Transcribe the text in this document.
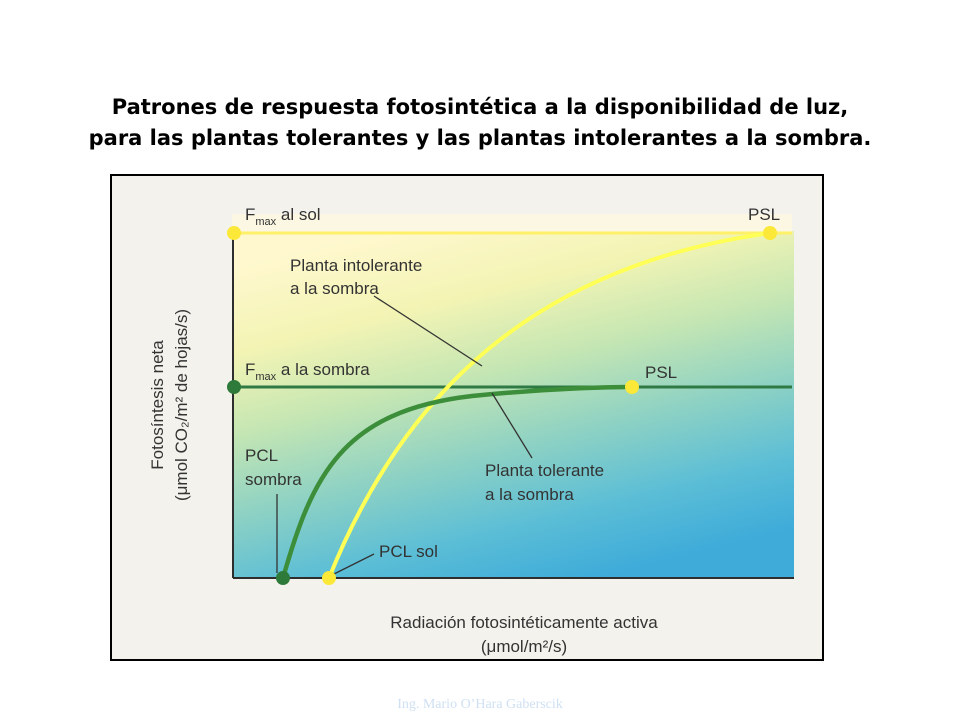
Patrones de respuesta fotosintética a la disponibilidad de luz,
para las plantas tolerantes y las plantas intolerantes a la sombra.
$F_{max}$ al sol
$F_{max}$ a la sombra
Planta intolerante
a la sombra
Planta tolerante
a la sombra
PSL
PSL
PCL
sombra
PCL sol
Radiación fotosintéticamente activa
(μmol/m²/s)
Fotosíntesis neta (μmol CO₂/m² de hojas/s)
Ing. Mario O’Hara Gaberscik
